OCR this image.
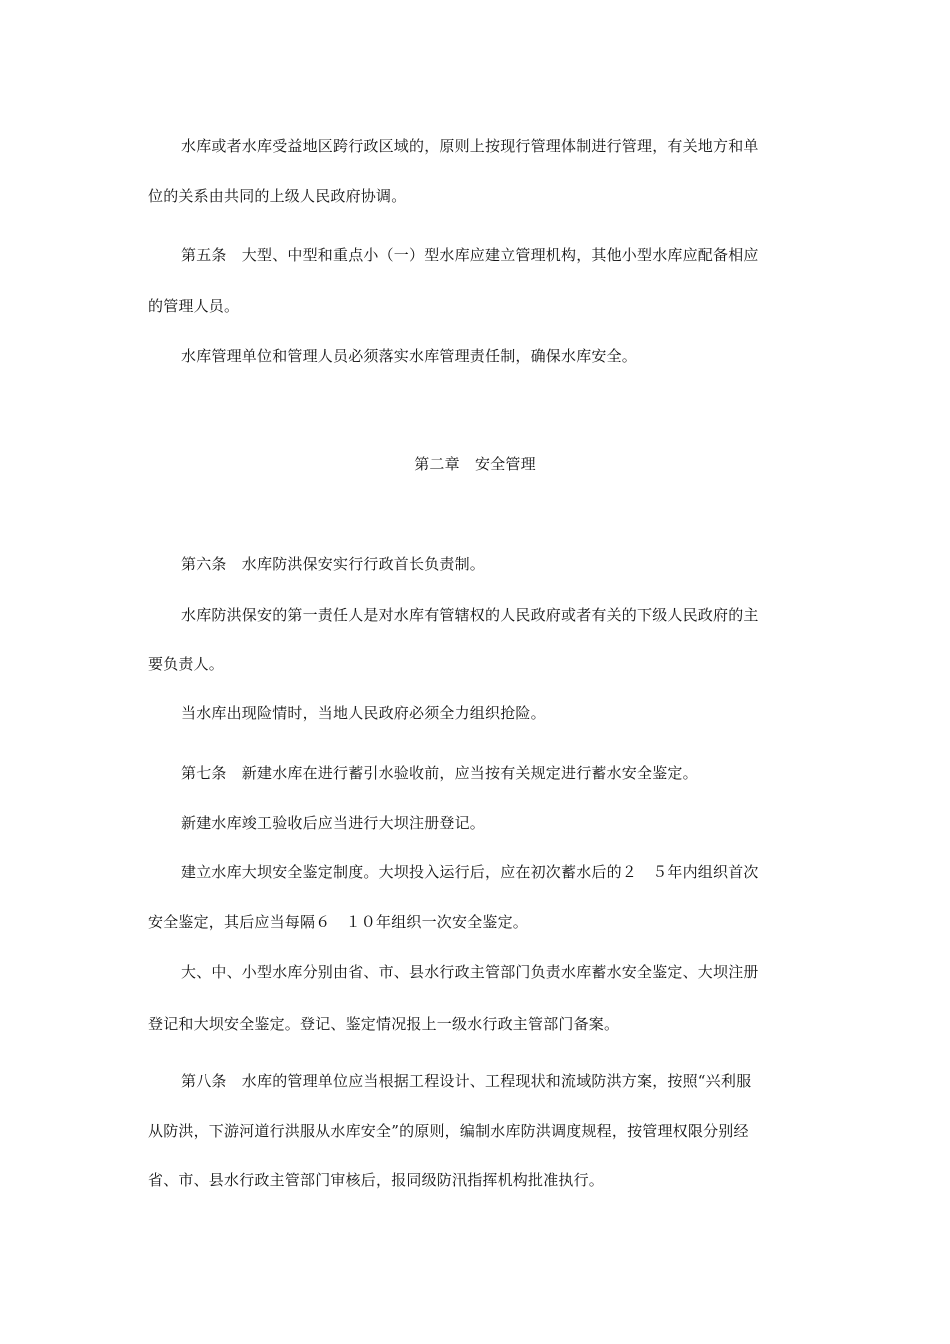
水库或者水库受益地区跨行政区域的，原则上按现行管理体制进行管理，有关地方和单
位的关系由共同的上级人民政府协调。
第五条　大型、中型和重点小（一）型水库应建立管理机构，其他小型水库应配备相应
的管理人员。
水库管理单位和管理人员必须落实水库管理责任制，确保水库安全。
第二章　安全管理
第六条　水库防洪保安实行行政首长负责制。
水库防洪保安的第一责任人是对水库有管辖权的人民政府或者有关的下级人民政府的主
要负责人。
当水库出现险情时，当地人民政府必须全力组织抢险。
第七条　新建水库在进行蓄引水验收前，应当按有关规定进行蓄水安全鉴定。
新建水库竣工验收后应当进行大坝注册登记。
建立水库大坝安全鉴定制度。大坝投入运行后，应在初次蓄水后的２　５年内组织首次
安全鉴定，其后应当每隔６　１０年组织一次安全鉴定。
大、中、小型水库分别由省、市、县水行政主管部门负责水库蓄水安全鉴定、大坝注册
登记和大坝安全鉴定。登记、鉴定情况报上一级水行政主管部门备案。
第八条　水库的管理单位应当根据工程设计、工程现状和流域防洪方案，按照“兴利服
从防洪，下游河道行洪服从水库安全”的原则，编制水库防洪调度规程，按管理权限分别经
省、市、县水行政主管部门审核后，报同级防汛指挥机构批准执行。
